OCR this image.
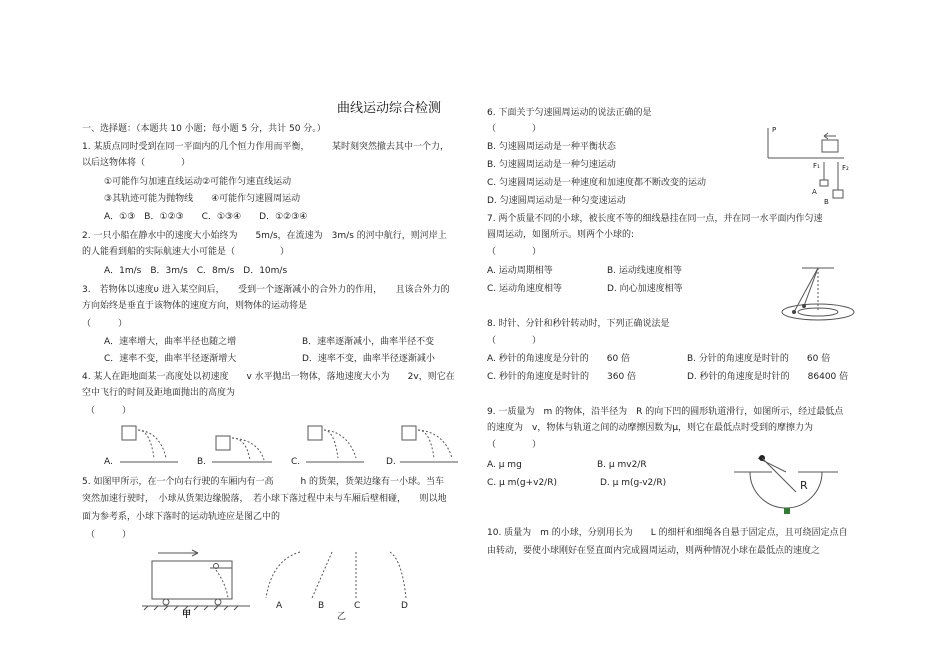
曲线运动综合检测
一、选择题：（本题共 10 小题；每小题 5 分，共计 50 分。）
1. 某质点同时受到在同一平面内的几个恒力作用而平衡，　　　某时刻突然撤去其中一个力，
以后这物体将（　　　　）
①可能作匀加速直线运动②可能作匀速直线运动
③其轨迹可能为抛物线　　④可能作匀速圆周运动
A．①③　B．①②③　　C．①③④　　D．①②③④
2. 一只小船在静水中的速度大小始终为　　5m/s，在流速为　3m/s 的河中航行，则河岸上
的人能看到船的实际航速大小可能是（　　　　　）
A．1m/s　B．3m/s　C．8m/s　D．10m/s
3.　若物体以速度υ 进入某空间后，　　受到一个逐渐减小的合外力的作用，　　且该合外力的
方向始终是垂直于该物体的速度方向，则物体的运动将是
（　　　）
A．速率增大，曲率半径也随之增	B．速率逐渐减小，曲率半径不变
C．速率不变，曲率半径逐渐增大	D．速率不变，曲率半径逐渐减小
4. 某人在距地面某一高度处以初速度　　v 水平抛出一物体，落地速度大小为　　2v，则它在
空中飞行的时间及距地面抛出的高度为
（　　　）
A.	B.	C.	D.
5. 如图甲所示，在一个向右行驶的车厢内有一高　　　h 的货架，货架边缘有一小球。当车
突然加速行驶时，　小球从货架边缘脱落，　若小球下落过程中未与车厢后壁相碰，　　则以地
面为参考系，小球下落时的运动轨迹应是图乙中的
（　　　）
甲	乙
A	B	C	D
6. 下面关于匀速圆周运动的说法正确的是
（　　　　）
B. 匀速圆周运动是一种平衡状态
B. 匀速圆周运动是一种匀速运动
C. 匀速圆周运动是一种速度和加速度都不断改变的运动
D. 匀速圆周运动是一种匀变速运动
P
F₁	F₂
A
B
7. 两个质量不同的小球，被长度不等的细线悬挂在同一点，并在同一水平面内作匀速
圆周运动，如图所示。则两个小球的:
（　　　　）
A. 运动周期相等	B. 运动线速度相等
C. 运动角速度相等	D. 向心加速度相等
8. 时针、分针和秒针转动时，下列正确说法是
（　　　　）
A. 秒针的角速度是分针的　　60 倍	B. 分针的角速度是时针的　　60 倍
C. 秒针的角速度是时针的　　360 倍	D. 秒针的角速度是时针的　　86400 倍
9. 一质量为　m 的物体，沿半径为　R 的向下凹的圆形轨道滑行，如图所示，经过最低点
的速度为　v，物体与轨道之间的动摩擦因数为μ，则它在最低点时受到的摩擦力为
（　　　　）
A. μ mg	B. μ mv2/R
C. μ m(g+v2/R)	D. μ m(g-v2/R)	R
10. 质量为　m 的小球，分别用长为　　L 的细杆和细绳各自悬于固定点，且可绕固定点自
由转动，要使小球刚好在竖直面内完成圆周运动，则两种情况小球在最低点的速度之
